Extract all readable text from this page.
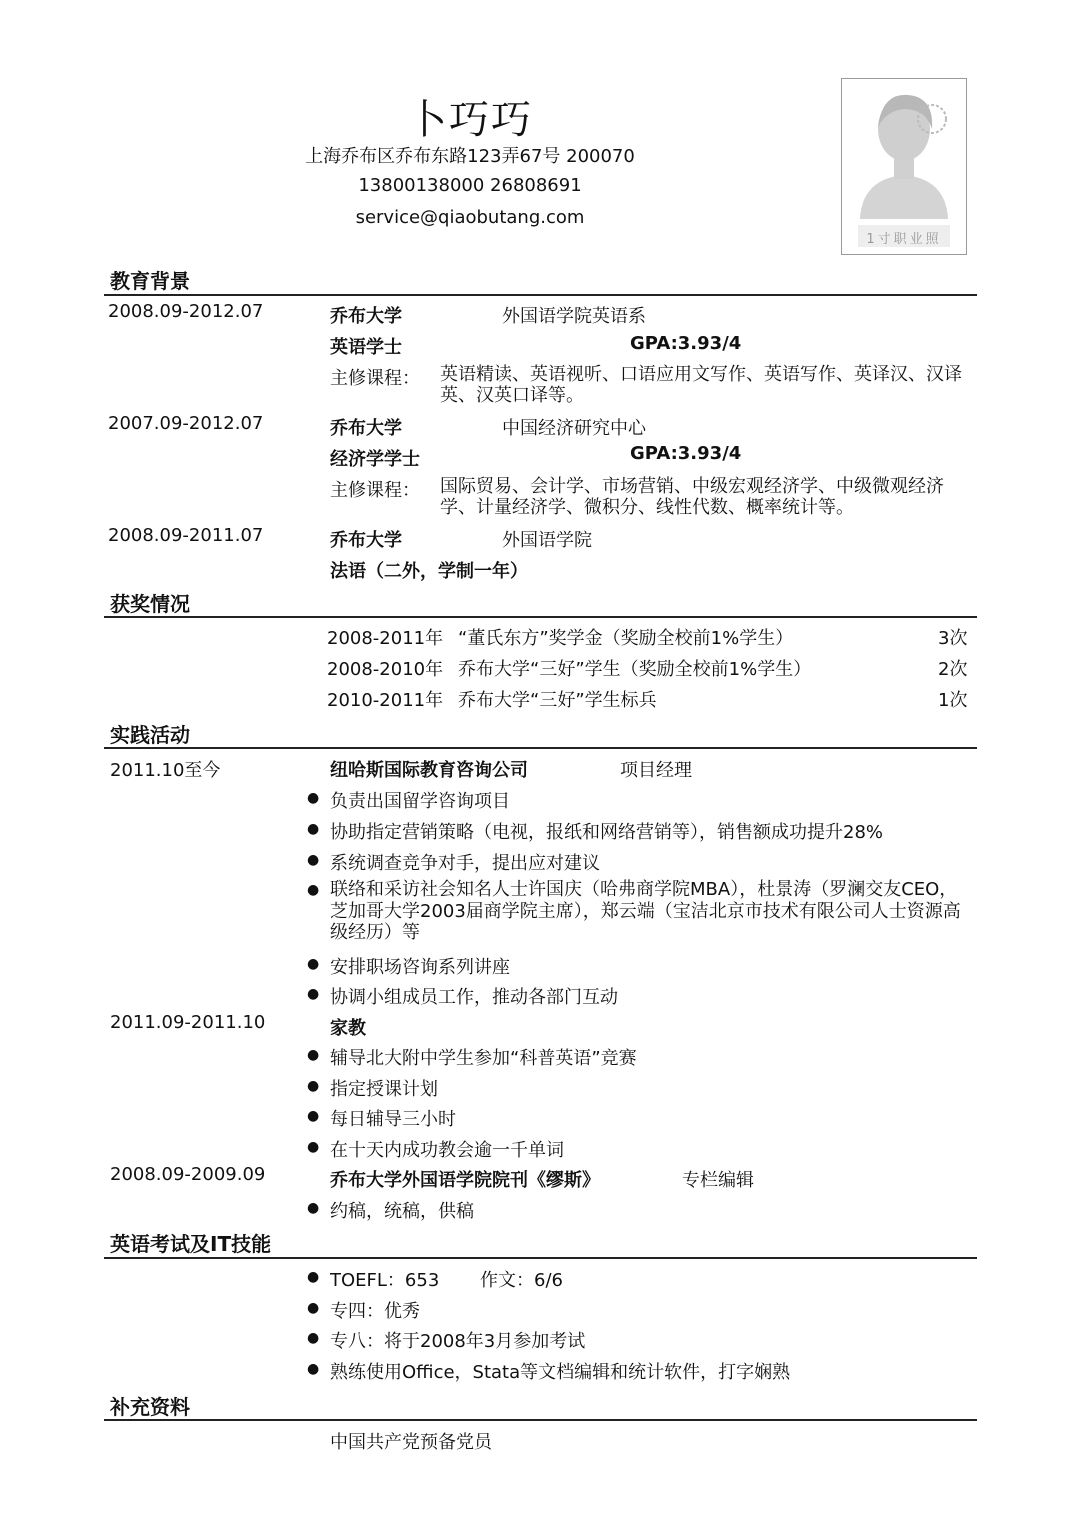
卜巧巧
上海乔布区乔布东路123弄67号 200070
13800138000 26808691
service@qiaobutang.com
1寸职业照
教育背景
2008.09-2012.07	乔布大学	外国语学院英语系
英语学士	GPA:3.93/4
主修课程： 英语精读、英语视听、口语应用文写作、英语写作、英译汉、汉译英、汉英口译等。
2007.09-2012.07	乔布大学	中国经济研究中心
经济学学士	GPA:3.93/4
主修课程： 国际贸易、会计学、市场营销、中级宏观经济学、中级微观经济学、计量经济学、微积分、线性代数、概率统计等。
2008.09-2011.07	乔布大学	外国语学院
法语（二外，学制一年）
获奖情况
2008-2011年 “董氏东方”奖学金（奖励全校前1%学生）	3次
2008-2010年 乔布大学“三好”学生（奖励全校前1%学生）	2次
2010-2011年 乔布大学“三好”学生标兵	1次
实践活动
2011.10至今	纽哈斯国际教育咨询公司	项目经理
● 负责出国留学咨询项目
● 协助指定营销策略（电视，报纸和网络营销等），销售额成功提升28%
● 系统调查竞争对手，提出应对建议
● 联络和采访社会知名人士许国庆（哈弗商学院MBA），杜景涛（罗澜交友CEO，芝加哥大学2003届商学院主席），郑云端（宝洁北京市技术有限公司人士资源高级经历）等
● 安排职场咨询系列讲座
● 协调小组成员工作，推动各部门互动
2011.09-2011.10	家教
● 辅导北大附中学生参加“科普英语”竞赛
● 指定授课计划
● 每日辅导三小时
● 在十天内成功教会逾一千单词
2008.09-2009.09	乔布大学外国语学院院刊《缪斯》	专栏编辑
● 约稿，统稿，供稿
英语考试及IT技能
● TOEFL：653 作文：6/6
● 专四：优秀
● 专八：将于2008年3月参加考试
● 熟练使用Office，Stata等文档编辑和统计软件，打字娴熟
补充资料
中国共产党预备党员
